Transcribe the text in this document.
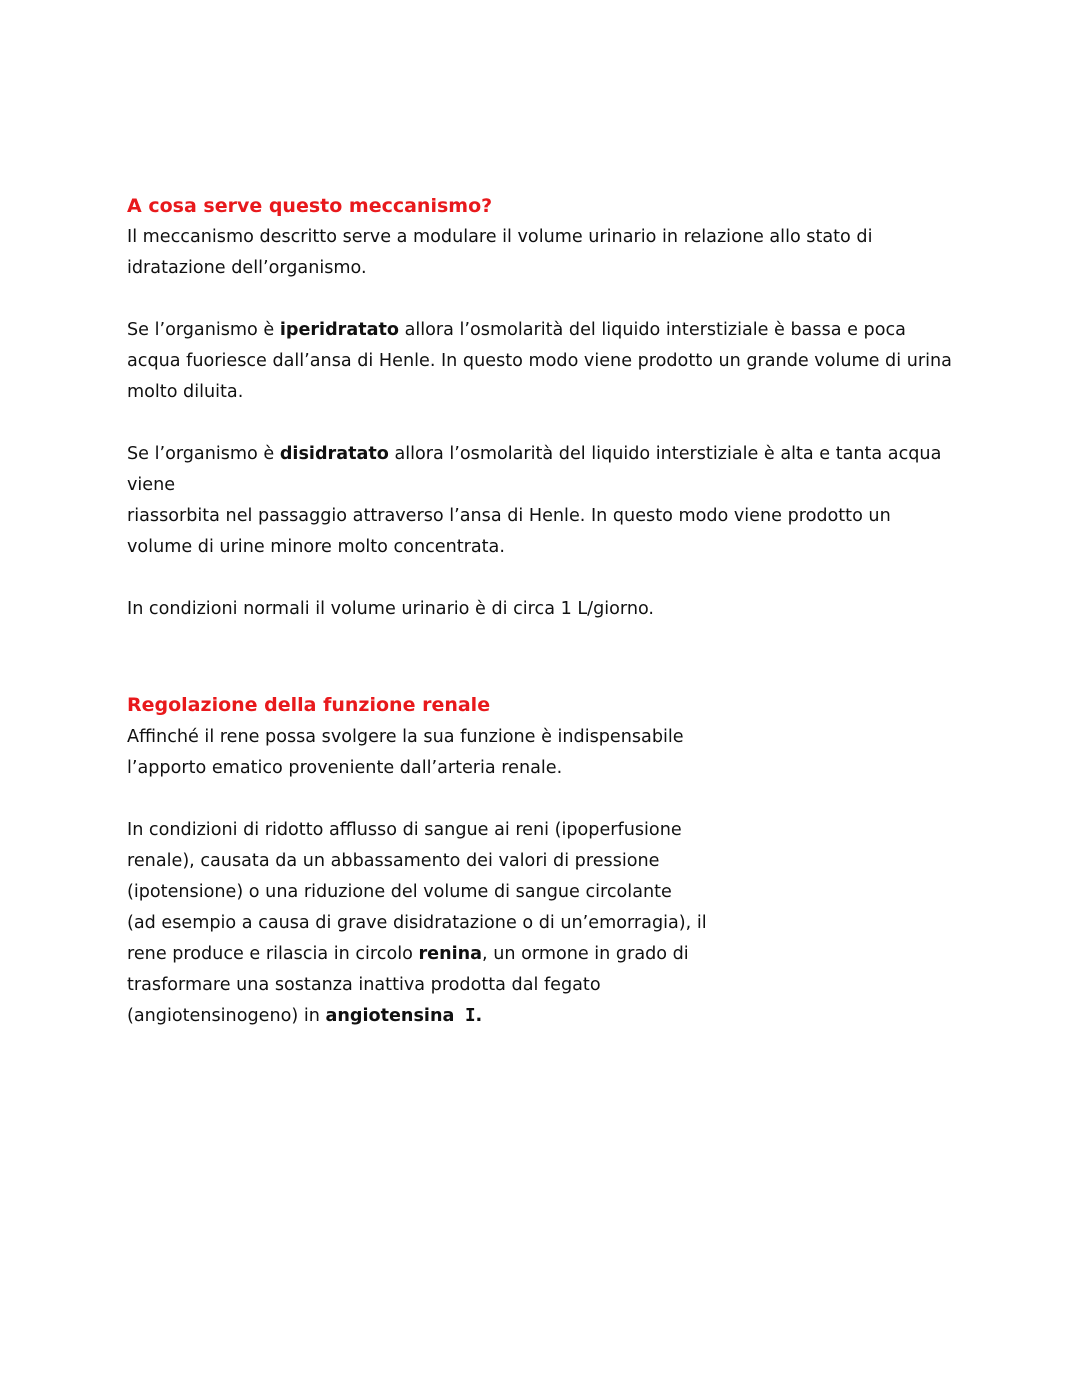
A cosa serve questo meccanismo?
Il meccanismo descritto serve a modulare il volume urinario in relazione allo stato di
idratazione dell’organismo.
Se l’organismo è iperidratato allora l’osmolarità del liquido interstiziale è bassa e poca
acqua fuoriesce dall’ansa di Henle. In questo modo viene prodotto un grande volume di urina
molto diluita.
Se l’organismo è disidratato allora l’osmolarità del liquido interstiziale è alta e tanta acqua
viene
riassorbita nel passaggio attraverso l’ansa di Henle. In questo modo viene prodotto un
volume di urine minore molto concentrata.
In condizioni normali il volume urinario è di circa 1 L/giorno.
Regolazione della funzione renale
Affinché il rene possa svolgere la sua funzione è indispensabile
l’apporto ematico proveniente dall’arteria renale.
In condizioni di ridotto afflusso di sangue ai reni (ipoperfusione
renale), causata da un abbassamento dei valori di pressione
(ipotensione) o una riduzione del volume di sangue circolante
(ad esempio a causa di grave disidratazione o di un’emorragia), il
rene produce e rilascia in circolo renina, un ormone in grado di
trasformare una sostanza inattiva prodotta dal fegato
(angiotensinogeno) in angiotensina I.
